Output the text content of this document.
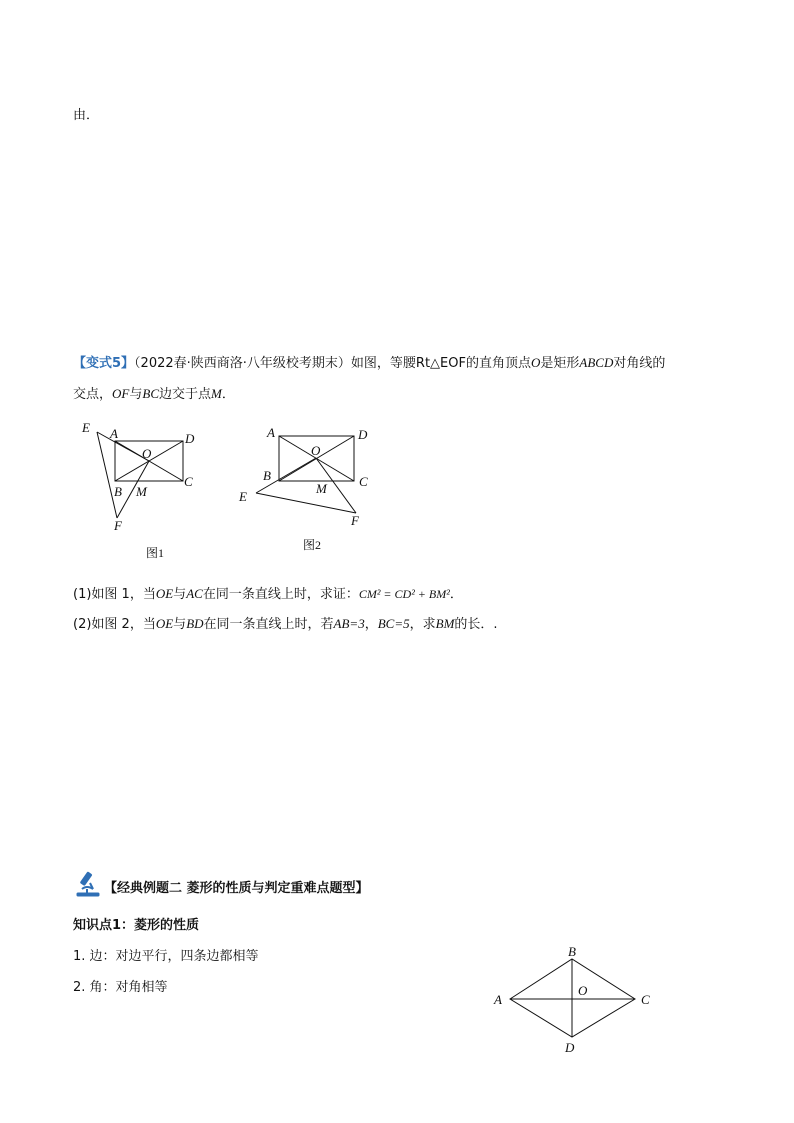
由．
【变式5】（2022春·陕西商洛·八年级校考期末）如图，等腰Rt△EOF的直角顶点O是矩形ABCD对角线的
交点，OF与BC边交于点M．
E A	D
O
B M
C
F
图1
A	D
O
B	C
E
M
F
图2
(1)如图 1，当OE与AC在同一条直线上时，求证：CM² = CD² + BM²．
(2)如图 2，当OE与BD在同一条直线上时，若AB=3，BC=5，求BM的长．.
【经典例题二 菱形的性质与判定重难点题型】
知识点1：菱形的性质
1. 边：对边平行，四条边都相等
2. 角：对角相等
B
A
O
C
D
